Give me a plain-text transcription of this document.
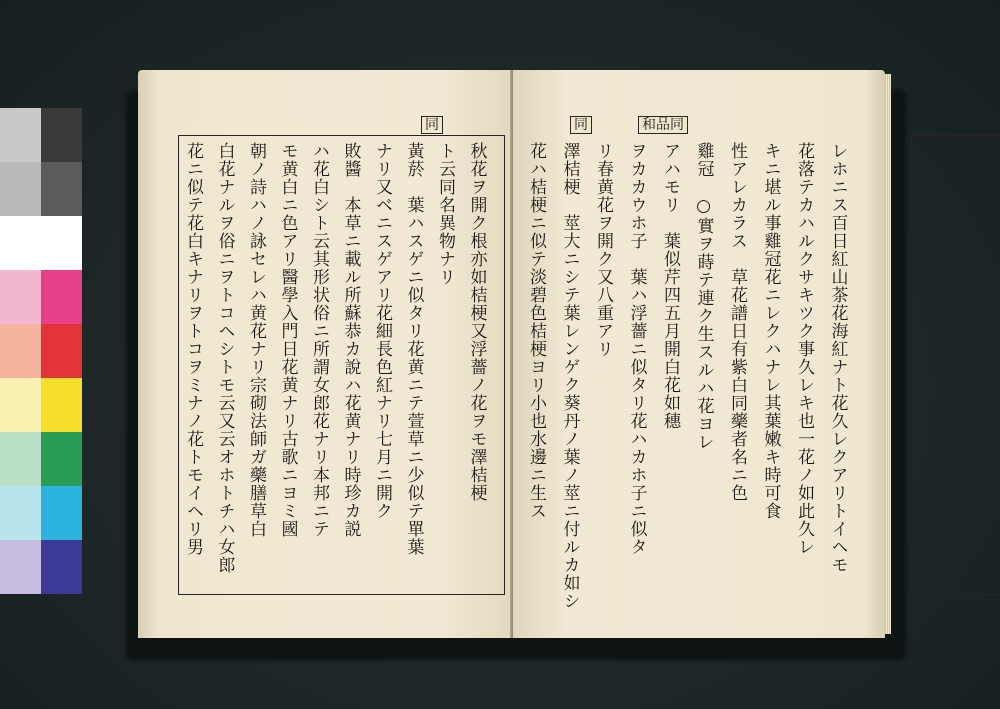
同
花ニ似テ花白キナリヲトコヲミナノ花トモイヘリ男 白花ナルヲ俗ニヲトコヘシトモ云又云オホトチハ女郎 朝ノ詩ハノ詠セレハ黄花ナリ宗砌法師ガ藥膳草白 モ黄白ニ色アリ醫學入門日花黄ナリ古歌ニヨミ國 ハ花白シト云其形状俗ニ所謂女郎花ナリ本邦ニテ 敗醬　本草ニ載ル所蘇恭カ說ハ花黄ナリ時珍カ説 ナリ又ベニスゲアリ花細長色紅ナリ七月ニ開ク 黃菸　葉ハスゲニ似タリ花黄ニテ萱草ニ少似テ單葉 ト云同名異物ナリ 秋花ヲ開ク根亦如桔梗又浮薔ノ花ヲモ澤桔梗
同	和品同
花ハ桔梗ニ似テ淡碧色桔梗ヨリ小也水邊ニ生ス 澤桔梗　莖大ニシテ葉レンゲク葵丹ノ葉ノ莖ニ付ルカ如シ リ春黄花ヲ開ク又八重アリ ヲカカウホ子　葉ハ浮薔ニ似タリ花ハカホ子ニ似タ アハモリ　葉似芹四五月開白花如穗 雞冠　○實ヲ蒔テ連ク生スルハ花ヨレ 性アレカラス　草花譜日有紫白同藥者名ニ色 キニ堪ル事雞冠花ニレクハナレ其葉嫩キ時可食 花落テカハルクサキツク事久レキ也一花ノ如此久レ レホニス百日紅山茶花海紅ナト花久レクアリトイヘモ
